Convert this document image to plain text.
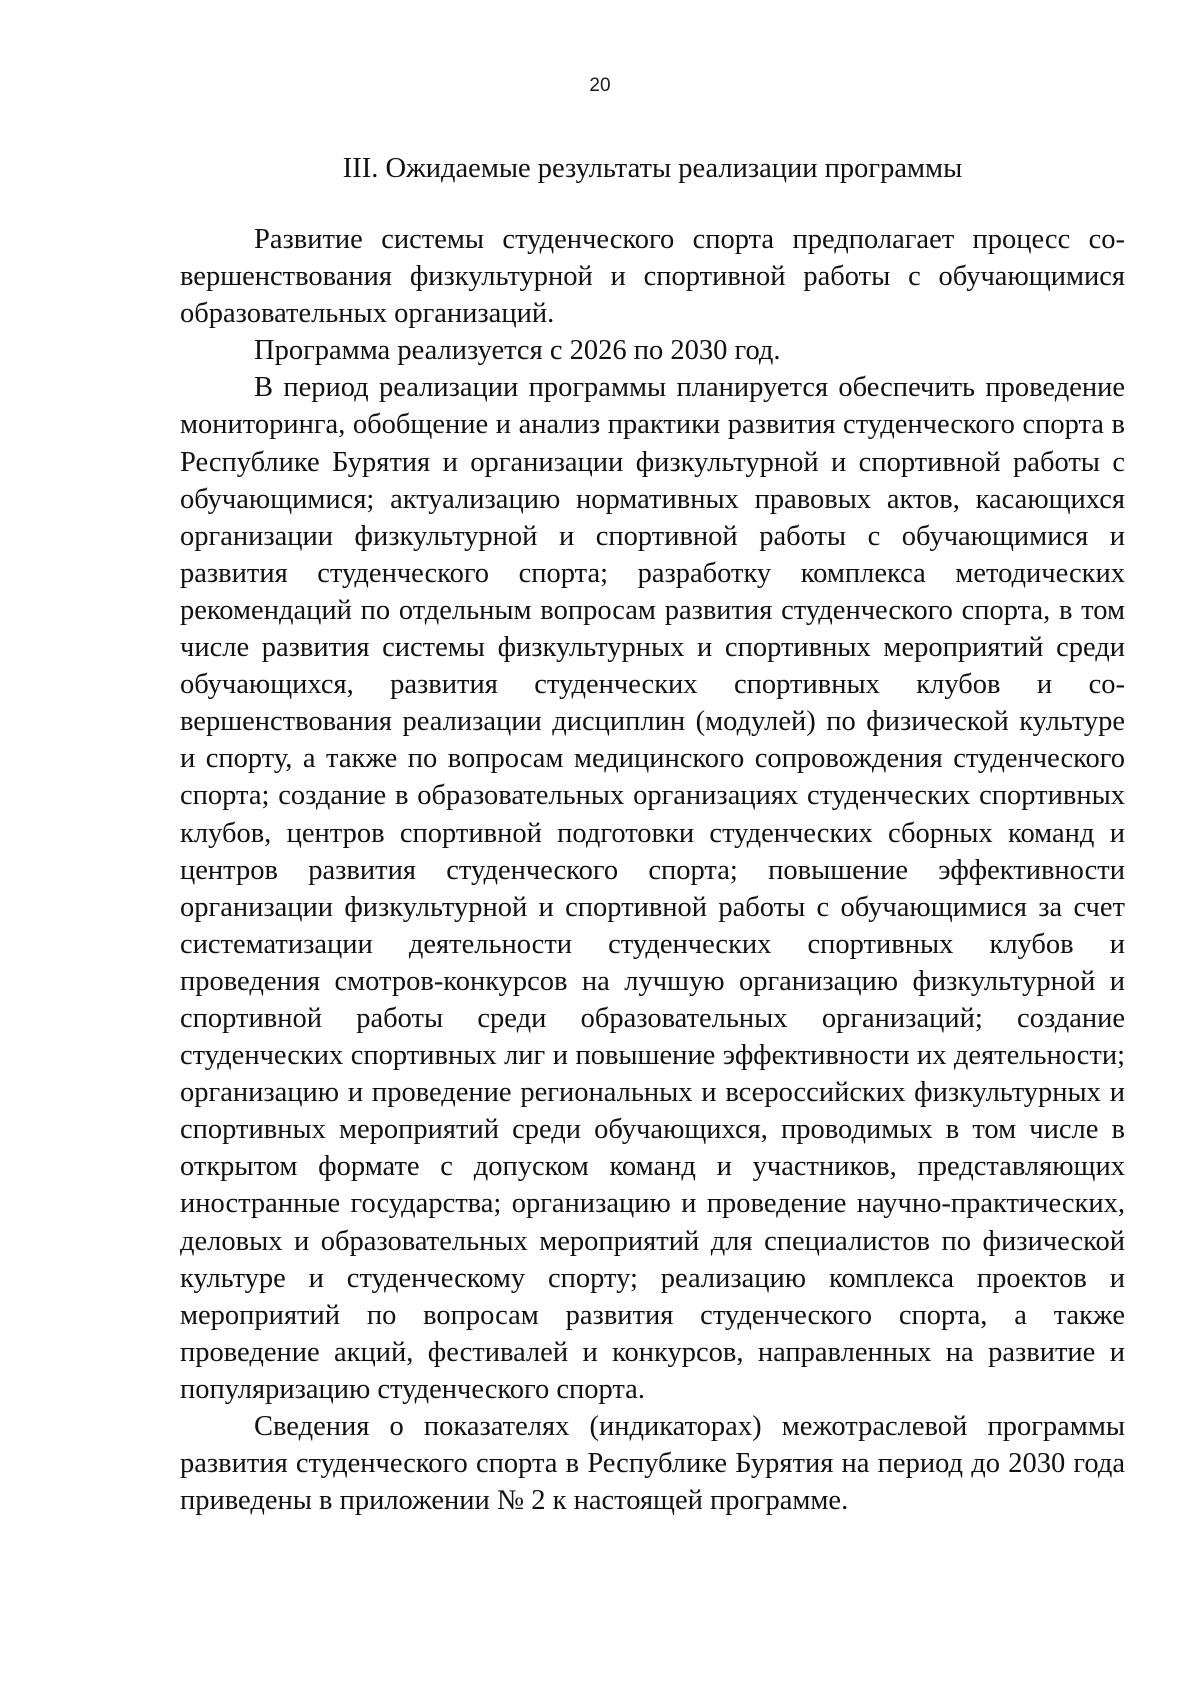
20
III. Ожидаемые результаты реализации программы

Развитие системы студенческого спорта предполагает процесс совершенствования физкультурной и спортивной работы с обучающимися образовательных организаций.

Программа реализуется с 2026 по 2030 год.

В период реализации программы планируется обеспечить проведение мониторинга, обобщение и анализ практики развития студенческого спорта в Республике Бурятия и организации физкультурной и спортивной работы с обучающимися; актуализацию нормативных правовых актов, касающихся организации физкультурной и спортивной работы с обучающимися и развития студенческого спорта; разработку комплекса методических рекомендаций по отдельным вопросам развития студенческого спорта, в том числе развития системы физкультурных и спортивных мероприятий среди обучающихся, развития студенческих спортивных клубов и совершенствования реализации дисциплин (модулей) по физической культуре и спорту, а также по вопросам медицинского сопровождения студенческого спорта; создание в образовательных организациях студенческих спортивных клубов, центров спортивной подготовки студенческих сборных команд и центров развития студенческого спорта; повышение эффективности организации физкультурной и спортивной работы с обучающимися за счет систематизации деятельности студенческих спортивных клубов и проведения смотров-конкурсов на лучшую организацию физкультурной и спортивной работы среди образовательных организаций; создание студенческих спортивных лиг и повышение эффективности их деятельности; организацию и проведение региональных и всероссийских физкультурных и спортивных мероприятий среди обучающихся, проводимых в том числе в открытом формате с допуском команд и участников, представляющих иностранные государства; организацию и проведение научно-практических, деловых и образовательных мероприятий для специалистов по физической культуре и студенческому спорту; реализацию комплекса проектов и мероприятий по вопросам развития студенческого спорта, а также проведение акций, фестивалей и конкурсов, направленных на развитие и популяризацию студенческого спорта.

Сведения о показателях (индикаторах) межотраслевой программы развития студенческого спорта в Республике Бурятия на период до 2030 года приведены в приложении № 2 к настоящей программе.
